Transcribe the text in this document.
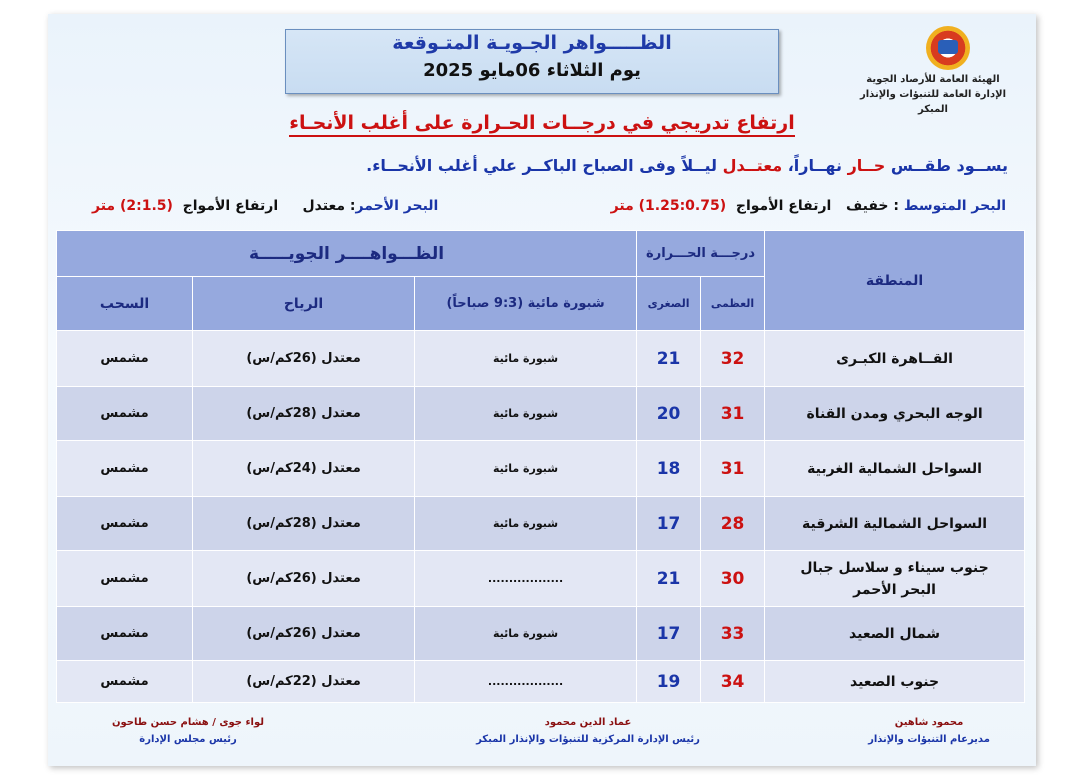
الظـــــواهر الجـويـة المتـوقعة
يوم الثلاثاء 06مايو 2025	الهيئة العامة للأرصاد الجوية
الإدارة العامة للتنبؤات والإنذار المبكر
ارتفاع تدريجي في درجــات الحـرارة على أغلب الأنحـاء
يســود طقــس حــار نهــاراً، معتــدل ليــلاً وفى الصباح الباكــر علي أغلب الأنحــاء.
البحر المتوسط : خفيف   ارتفاع الأمواج  (1.25:0.75) متر
البحر الأحمر: معتدل     ارتفاع الأمواج  (2:1.5) متر
المنطقة	درجـــة الحـــرارة		الظـــواهــــر الجويـــــة		
	العظمى	الصغرى	شبورة مائية (9:3 صباحاً)	الرياح	السحب
القــاهرة الكبـرى	32	21	شبورة مائية	معتدل (26كم/س)	مشمس
الوجه البحري ومدن القناة	31	20	شبورة مائية	معتدل (28كم/س)	مشمس
السواحل الشمالية الغربية	31	18	شبورة مائية	معتدل (24كم/س)	مشمس
السواحل الشمالية الشرقية	28	17	شبورة مائية	معتدل (28كم/س)	مشمس
جنوب سيناء و سلاسل جبال البحر الأحمر	30	21	..................	معتدل (26كم/س)	مشمس
شمال الصعيد	33	17	شبورة مائية	معتدل (26كم/س)	مشمس
جنوب الصعيد	34	19	..................	معتدل (22كم/س)	مشمس
محمود شاهين
مديرعام التنبؤات والإنذار
عماد الدين محمود
رئيس الإدارة المركزية للتنبؤات والإنذار المبكر
لواء جوى / هشام حسن طاحون
رئيس مجلس الإدارة
